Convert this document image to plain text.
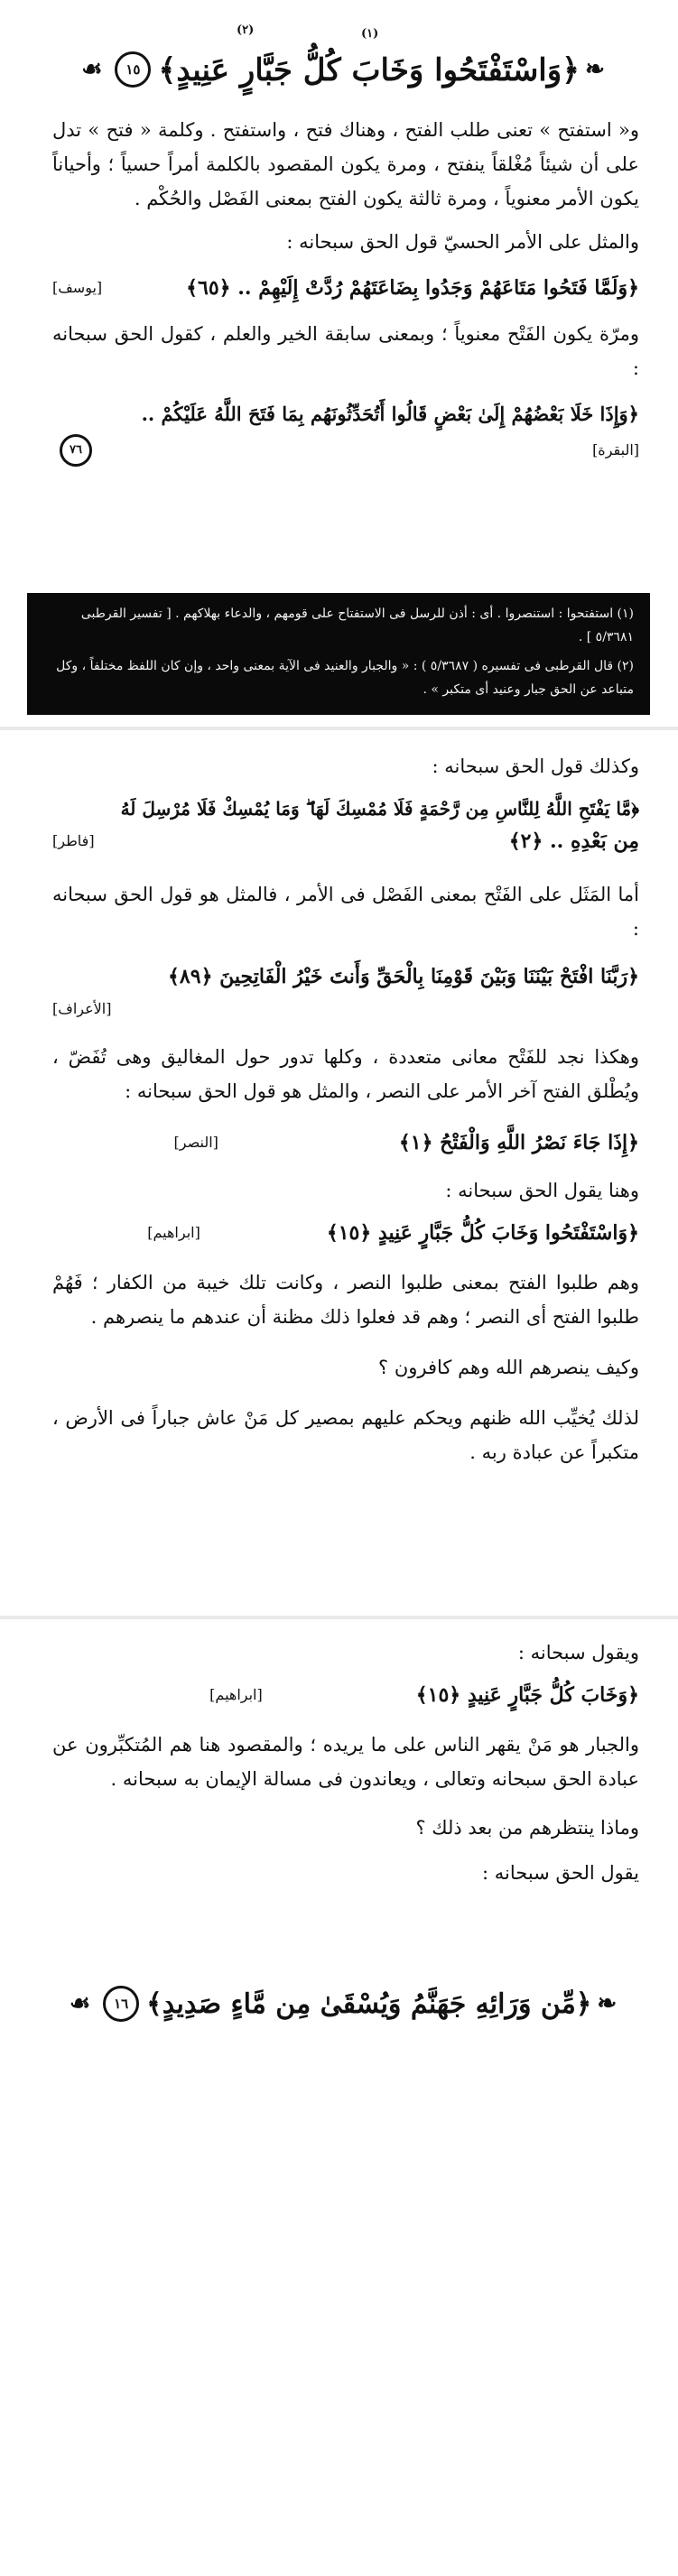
(١)
(٢)
❧
﴿وَاسْتَفْتَحُوا وَخَابَ كُلُّ جَبَّارٍ عَنِيدٍ﴾
١٥
☙

و« استفتح » تعنى طلب الفتح ، وهناك فتح ، واستفتح . وكلمة « فتح » تدل على أن شيئاً مُغْلقاً ينفتح ، ومرة يكون المقصود بالكلمة أمراً حسياً ؛ وأحياناً يكون الأمر معنوياً ، ومرة ثالثة يكون الفتح بمعنى الفَصْل والحُكْم .

والمثل على الأمر الحسيّ قول الحق سبحانه :

﴿وَلَمَّا فَتَحُوا مَتَاعَهُمْ وَجَدُوا بِضَاعَتَهُمْ رُدَّتْ إِلَيْهِمْ .. ﴿٦٥﴾
[يوسف]

ومرّة يكون الفَتْح معنوياً ؛ وبمعنى سابقة الخير والعلم ، كقول الحق سبحانه :

﴿وَإِذَا خَلَا بَعْضُهُمْ إِلَىٰ بَعْضٍ قَالُوا أَتُحَدِّثُونَهُم بِمَا فَتَحَ اللَّهُ عَلَيْكُمْ ..
[البقرة]
٧٦

(١) استفتحوا : استنصروا . أى : أذن للرسل فى الاستفتاح على قومهم ، والدعاء بهلاكهم . [ تفسير القرطبى ٥/٣٦٨١ ] .

(٢) قال القرطبى فى تفسيره ( ٥/٣٦٨٧ ) : « والجبار والعنيد فى الآية بمعنى واحد ، وإن كان اللفظ مختلفاً ، وكل متباعد عن الحق جبار وعنيد أى متكبر » .

وكذلك قول الحق سبحانه :

﴿مَّا يَفْتَحِ اللَّهُ لِلنَّاسِ مِن رَّحْمَةٍ فَلَا مُمْسِكَ لَهَا ۖ وَمَا يُمْسِكْ فَلَا مُرْسِلَ لَهُ
مِن بَعْدِهِ .. ﴿٢﴾
[فاطر]

أما المَثَل على الفَتْح بمعنى الفَصْل فى الأمر ، فالمثل هو قول الحق سبحانه :

﴿رَبَّنَا افْتَحْ بَيْنَنَا وَبَيْنَ قَوْمِنَا بِالْحَقِّ وَأَنتَ خَيْرُ الْفَاتِحِينَ ﴿٨٩﴾
[الأعراف]

وهكذا نجد للفَتْح معانى متعددة ، وكلها تدور حول المغاليق وهى تُفَضّ ، ويُطْلق الفتح آخر الأمر على النصر ، والمثل هو قول الحق سبحانه :

﴿إِذَا جَاءَ نَصْرُ اللَّهِ وَالْفَتْحُ ﴿١﴾
[النصر]

وهنا يقول الحق سبحانه :

﴿وَاسْتَفْتَحُوا وَخَابَ كُلُّ جَبَّارٍ عَنِيدٍ ﴿١٥﴾
[ابراهيم]

وهم طلبوا الفتح بمعنى طلبوا النصر ، وكانت تلك خيبة من الكفار ؛ فَهُمْ طلبوا الفتح أى النصر ؛ وهم قد فعلوا ذلك مظنة أن عندهم ما ينصرهم .

وكيف ينصرهم الله وهم كافرون ؟

لذلك يُخيِّب الله ظنهم ويحكم عليهم بمصير كل مَنْ عاش جباراً فى الأرض ، متكبراً عن عبادة ربه .

ويقول سبحانه :

﴿وَخَابَ كُلُّ جَبَّارٍ عَنِيدٍ ﴿١٥﴾
[ابراهيم]

والجبار هو مَنْ يقهر الناس على ما يريده ؛ والمقصود هنا هم المُتكبِّرون عن عبادة الحق سبحانه وتعالى ، ويعاندون فى مسالة الإيمان به سبحانه .

وماذا ينتظرهم من بعد ذلك ؟

يقول الحق سبحانه :

❧
﴿مِّن وَرَائِهِ جَهَنَّمُ وَيُسْقَىٰ مِن مَّاءٍ صَدِيدٍ﴾
١٦
☙
